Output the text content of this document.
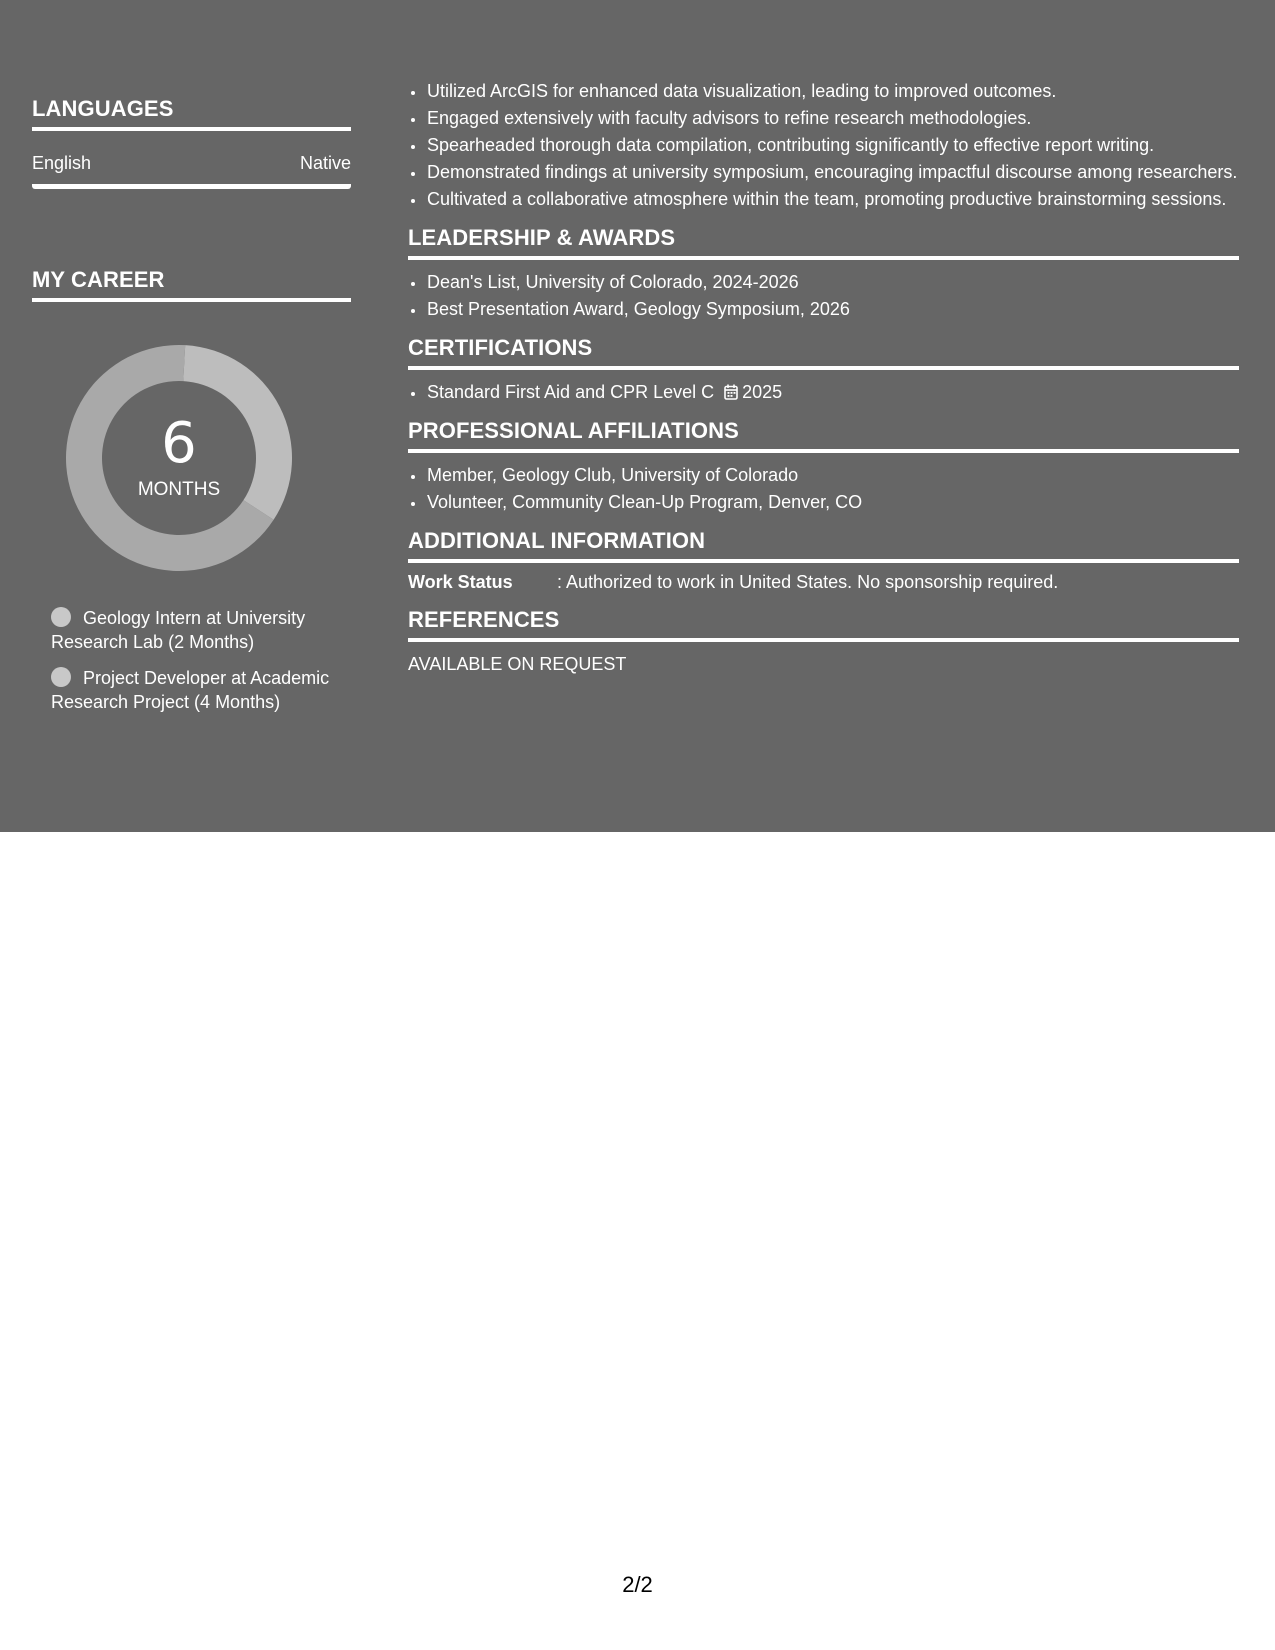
LANGUAGES
English	Native
MY CAREER
6
MONTHS
Geology Intern at University Research Lab (2 Months)
Project Developer at Academic Research Project (4 Months)
• Utilized ArcGIS for enhanced data visualization, leading to improved outcomes.
• Engaged extensively with faculty advisors to refine research methodologies.
• Spearheaded thorough data compilation, contributing significantly to effective report writing.
• Demonstrated findings at university symposium, encouraging impactful discourse among researchers.
• Cultivated a collaborative atmosphere within the team, promoting productive brainstorming sessions.
LEADERSHIP & AWARDS
• Dean's List, University of Colorado, 2024-2026
• Best Presentation Award, Geology Symposium, 2026
CERTIFICATIONS
• Standard First Aid and CPR Level C 2025
PROFESSIONAL AFFILIATIONS
• Member, Geology Club, University of Colorado
• Volunteer, Community Clean-Up Program, Denver, CO
ADDITIONAL INFORMATION
Work Status	: Authorized to work in United States. No sponsorship required.
REFERENCES
AVAILABLE ON REQUEST
2/2
